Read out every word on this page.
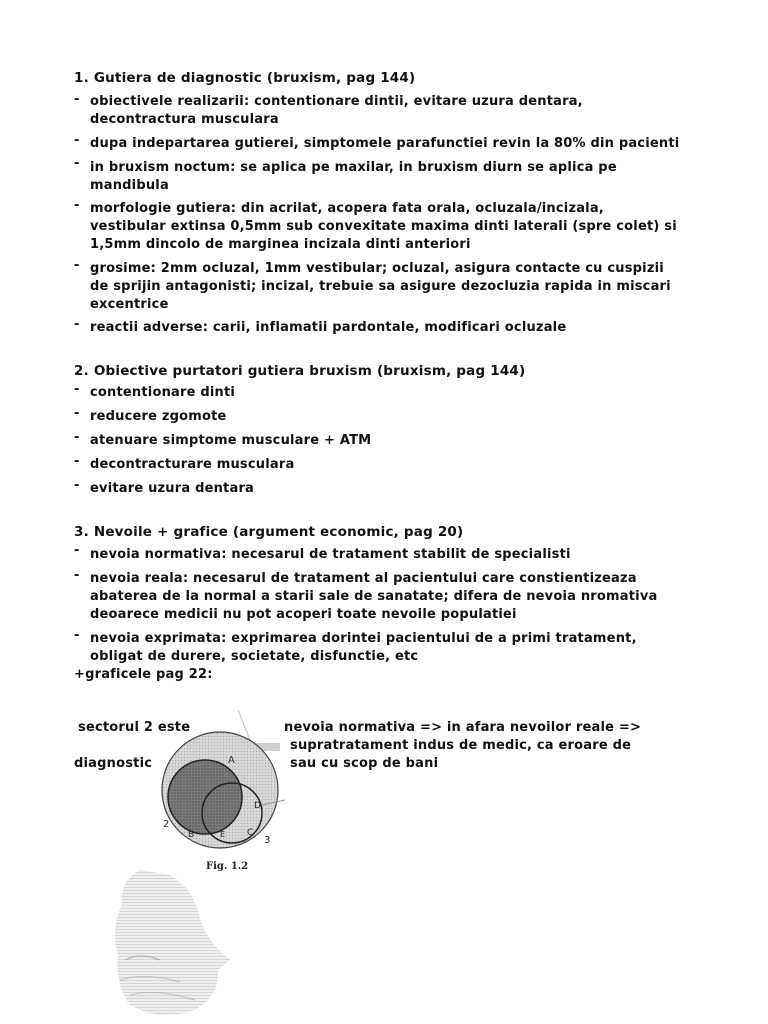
1. Gutiera de diagnostic (bruxism, pag 144)
- obiectivele realizarii: contentionare dintii, evitare uzura dentara,
decontractura musculara
- dupa indepartarea gutierei, simptomele parafunctiei revin la 80% din pacienti
- in bruxism noctum: se aplica pe maxilar, in bruxism diurn se aplica pe
mandibula
- morfologie gutiera: din acrilat, acopera fata orala, ocluzala/incizala,
vestibular extinsa 0,5mm sub convexitate maxima dinti laterali (spre colet) si
1,5mm dincolo de marginea incizala dinti anteriori
- grosime: 2mm ocluzal, 1mm vestibular; ocluzal, asigura contacte cu cuspizii
de sprijin antagonisti; incizal, trebuie sa asigure dezocluzia rapida in miscari
excentrice
- reactii adverse: carii, inflamatii pardontale, modificari ocluzale
2. Obiective purtatori gutiera bruxism (bruxism, pag 144)
- contentionare dinti
- reducere zgomote
- atenuare simptome musculare + ATM
- decontracturare musculara
- evitare uzura dentara
3. Nevoile + grafice (argument economic, pag 20)
- nevoia normativa: necesarul de tratament stabilit de specialisti
- nevoia reala: necesarul de tratament al pacientului care constientizeaza
abaterea de la normal a starii sale de sanatate; difera de nevoia nromativa
deoarece medicii nu pot acoperi toate nevoile populatiei
- nevoia exprimata: exprimarea dorintei pacientului de a primi tratament,
obligat de durere, societate, disfunctie, etc
+graficele pag 22:
sectorul 2 este
diagnostic
nevoia normativa => in afara nevoilor reale =>
supratratament indus de medic, ca eroare de
sau cu scop de bani
A
D
B	E C
2
3
Fig. 1.2
